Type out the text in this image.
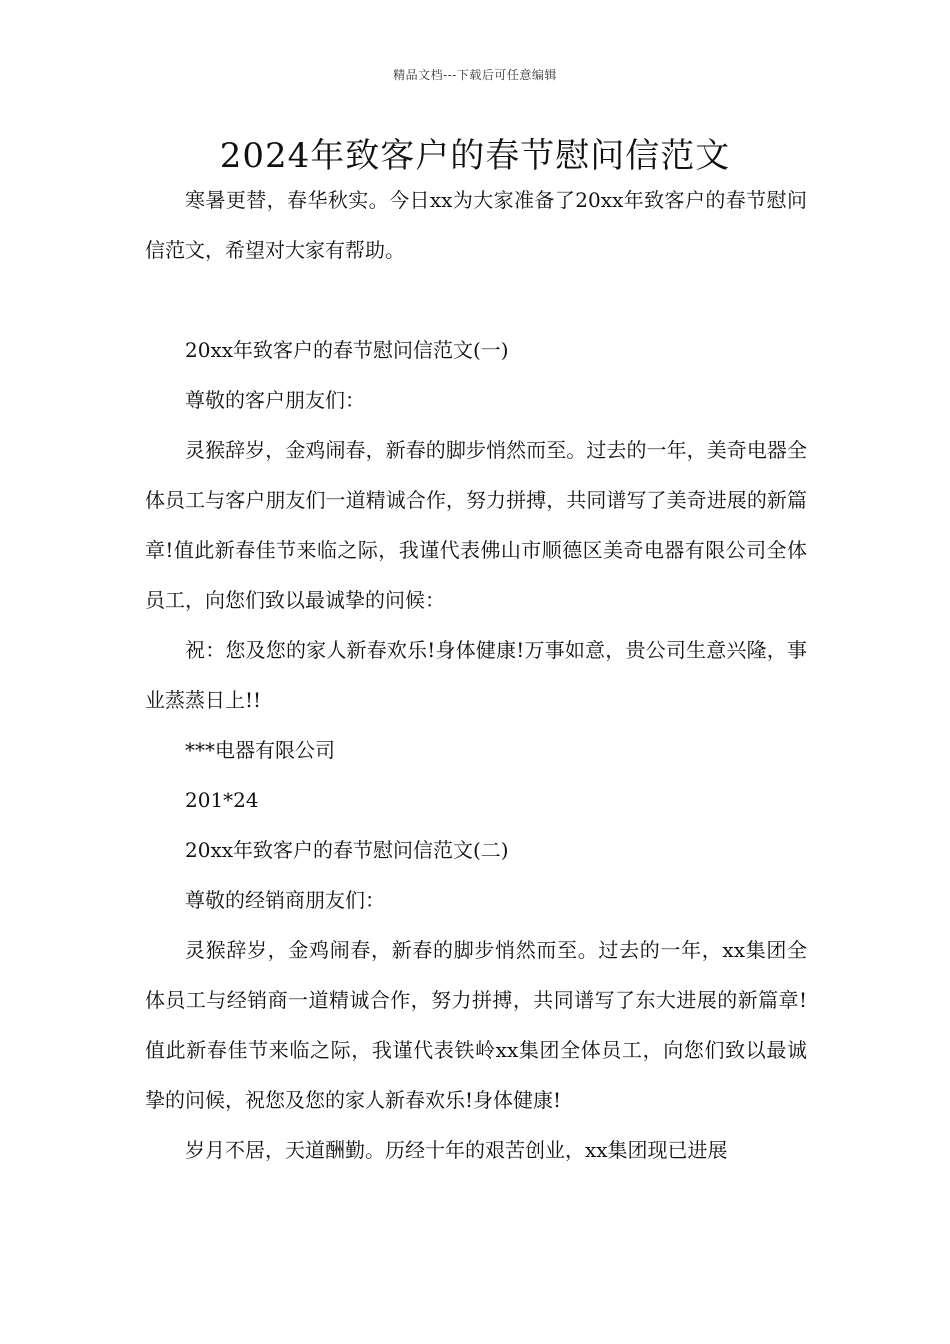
精品文档---下载后可任意编辑
2024年致客户的春节慰问信范文

寒暑更替，春华秋实。今日xx为大家准备了20xx年致客户的春节慰问信范文，希望对大家有帮助。

20xx年致客户的春节慰问信范文(一)

尊敬的客户朋友们：

灵猴辞岁，金鸡闹春，新春的脚步悄然而至。过去的一年，美奇电器全体员工与客户朋友们一道精诚合作，努力拼搏，共同谱写了美奇进展的新篇章!值此新春佳节来临之际，我谨代表佛山市顺德区美奇电器有限公司全体员工，向您们致以最诚挚的问候：

祝：您及您的家人新春欢乐!身体健康!万事如意，贵公司生意兴隆，事业蒸蒸日上!!

***电器有限公司

201*24

20xx年致客户的春节慰问信范文(二)

尊敬的经销商朋友们：

灵猴辞岁，金鸡闹春，新春的脚步悄然而至。过去的一年，xx集团全体员工与经销商一道精诚合作，努力拼搏，共同谱写了东大进展的新篇章!值此新春佳节来临之际，我谨代表铁岭xx集团全体员工，向您们致以最诚挚的问候，祝您及您的家人新春欢乐!身体健康!

岁月不居，天道酬勤。历经十年的艰苦创业，xx集团现已进展
